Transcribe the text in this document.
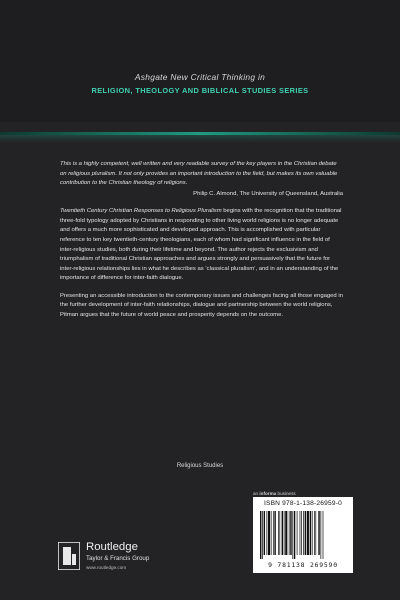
Ashgate New Critical Thinking in
RELIGION, THEOLOGY AND BIBLICAL STUDIES SERIES

This is a highly competent, well written and very readable survey of the key players in the Christian debate on religious pluralism. It not only provides an important introduction to the field, but makes its own valuable contribution to the Christian theology of religions.

Philip C. Almond, The University of Queensland, Australia

Twentieth Century Christian Responses to Religious Pluralism begins with the recognition that the traditional three-fold typology adopted by Christians in responding to other living world religions is no longer adequate and offers a much more sophisticated and developed approach. This is accomplished with particular reference to ten key twentieth-century theologians, each of whom had significant influence in the field of inter-religious studies, both during their lifetime and beyond. The author rejects the exclusivism and triumphalism of traditional Christian approaches and argues strongly and persuasively that the future for inter-religious relationships lies in what he describes as ‘classical pluralism’, and in an understanding of the importance of difference for inter-faith dialogue.

Presenting an accessible introduction to the contemporary issues and challenges facing all those engaged in the further development of inter-faith relationships, dialogue and partnership between the world religions, Pitman argues that the future of world peace and prosperity depends on the outcome.

Religious Studies
an informa business
ISBN 978-1-138-26959-0
9 781138 269590
Routledge
Taylor & Francis Group
www.routledge.com
